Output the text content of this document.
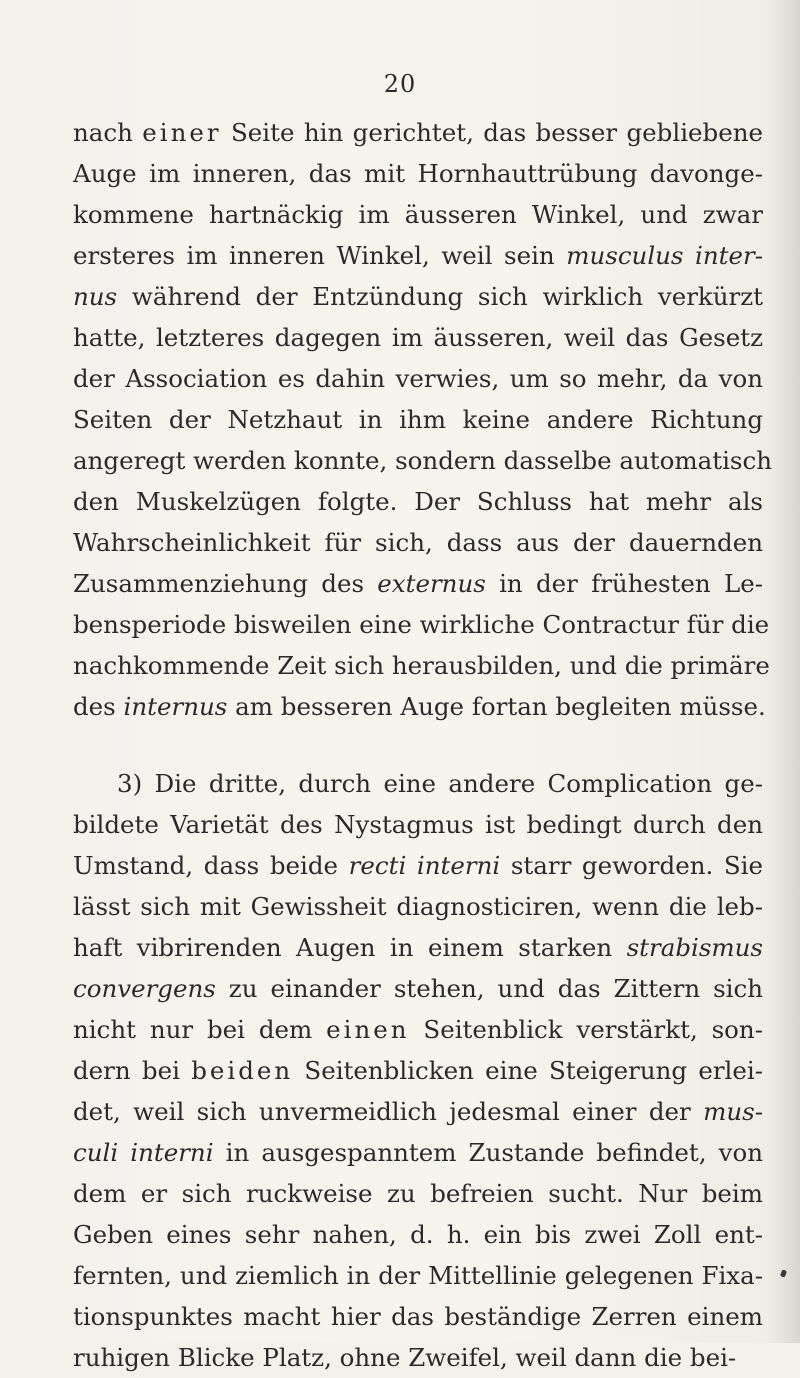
20
nach einer Seite hin gerichtet, das besser gebliebene
Auge im inneren, das mit Hornhauttrübung davonge-
kommene hartnäckig im äusseren Winkel, und zwar
ersteres im inneren Winkel, weil sein musculus inter-
nus während der Entzündung sich wirklich verkürzt
hatte, letzteres dagegen im äusseren, weil das Gesetz
der Association es dahin verwies, um so mehr, da von
Seiten der Netzhaut in ihm keine andere Richtung
angeregt werden konnte, sondern dasselbe automatisch
den Muskelzügen folgte. Der Schluss hat mehr als
Wahrscheinlichkeit für sich, dass aus der dauernden
Zusammenziehung des externus in der frühesten Le-
bensperiode bisweilen eine wirkliche Contractur für die
nachkommende Zeit sich herausbilden, und die primäre
des internus am besseren Auge fortan begleiten müsse.
3) Die dritte, durch eine andere Complication ge-
bildete Varietät des Nystagmus ist bedingt durch den
Umstand, dass beide recti interni starr geworden. Sie
lässt sich mit Gewissheit diagnosticiren, wenn die leb-
haft vibrirenden Augen in einem starken strabismus
convergens zu einander stehen, und das Zittern sich
nicht nur bei dem einen Seitenblick verstärkt, son-
dern bei beiden Seitenblicken eine Steigerung erlei-
det, weil sich unvermeidlich jedesmal einer der mus-
culi interni in ausgespanntem Zustande befindet, von
dem er sich ruckweise zu befreien sucht. Nur beim
Geben eines sehr nahen, d. h. ein bis zwei Zoll ent-
fernten, und ziemlich in der Mittellinie gelegenen Fixa-
tionspunktes macht hier das beständige Zerren einem
ruhigen Blicke Platz, ohne Zweifel, weil dann die bei-
